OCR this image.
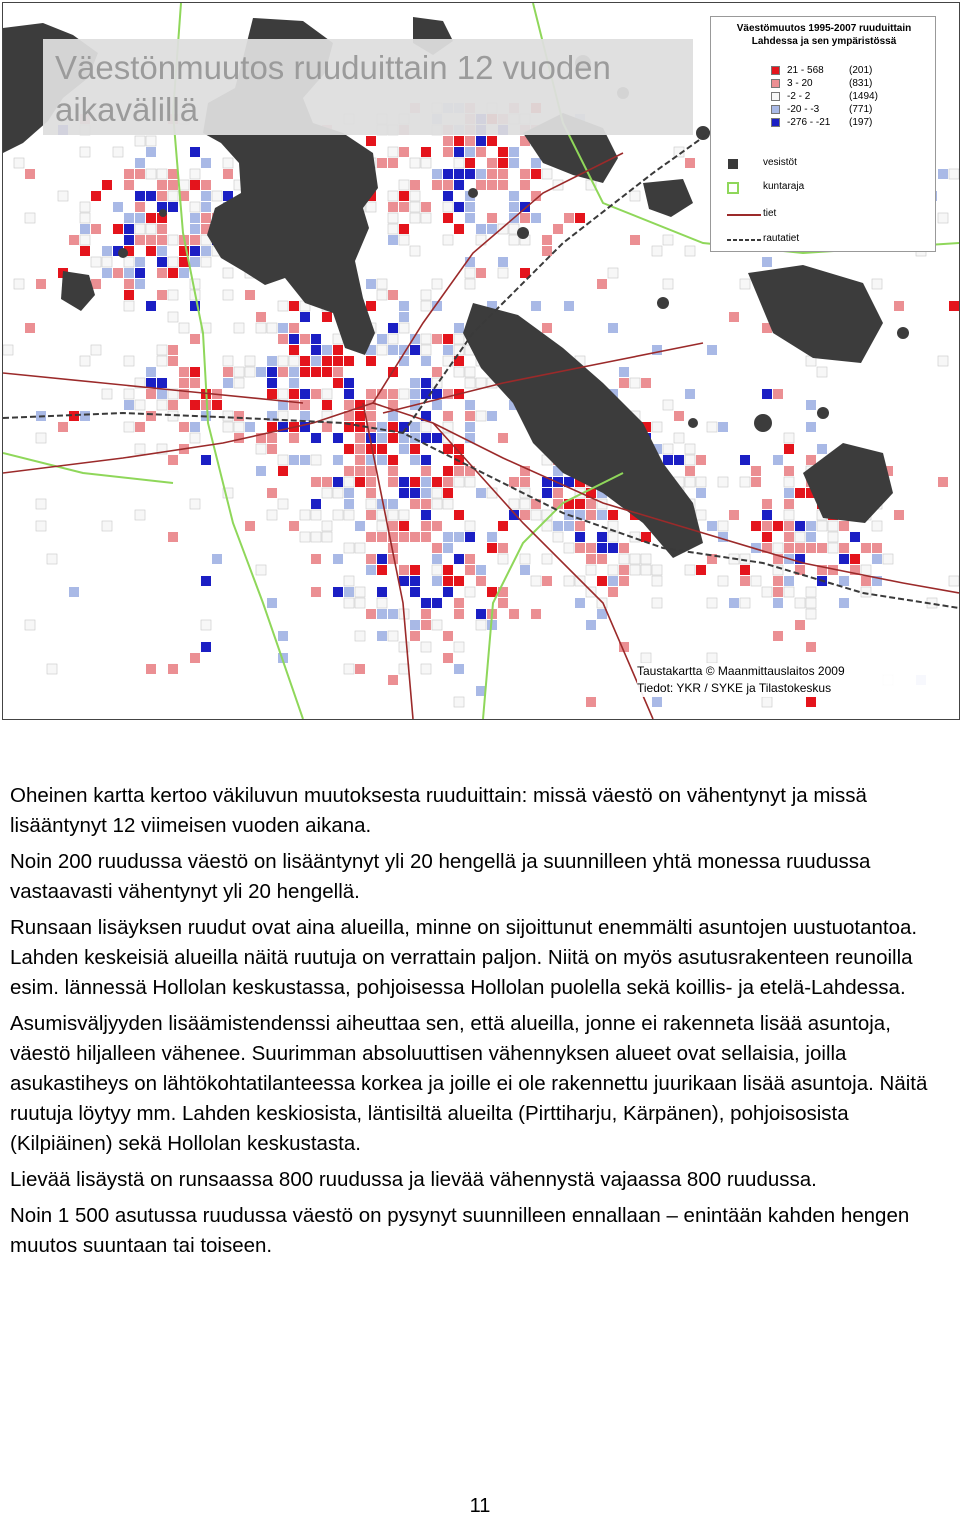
Väestönmuutos ruuduittain 12 vuoden aikavälillä
Väestömuutos 1995-2007 ruuduittain
Lahdessa ja sen ympäristössä
21 - 568	(201)
3 - 20	(831)
-2 - 2	(1494)
-20 - -3	(771)
-276 - -21	(197)
vesistöt
kuntaraja
tiet
rautatiet
Taustakartta © Maanmittauslaitos 2009
Tiedot: YKR / SYKE ja Tilastokeskus

Oheinen kartta kertoo väkiluvun muutoksesta ruuduittain: missä väestö on vähentynyt ja missä lisääntynyt 12 viimeisen vuoden aikana.

Noin 200 ruudussa väestö on lisääntynyt yli 20 hengellä ja suunnilleen yhtä monessa ruudussa vastaavasti vähentynyt yli 20 hengellä.

Runsaan lisäyksen ruudut ovat aina alueilla, minne on sijoittunut enemmälti asuntojen uustuotantoa. Lahden keskeisiä alueilla näitä ruutuja on verrattain paljon. Niitä on myös asutusrakenteen reunoilla esim. lännessä Hollolan keskustassa, pohjoisessa Hollolan puolella sekä koillis- ja etelä-Lahdessa.

Asumisväljyyden lisäämistendenssi aiheuttaa sen, että alueilla, jonne ei rakenneta lisää asuntoja, väestö hiljalleen vähenee. Suurimman absoluuttisen vähennyksen alueet ovat sellaisia, joilla asukastiheys on lähtökohtatilanteessa korkea ja joille ei ole rakennettu juurikaan lisää asuntoja. Näitä ruutuja löytyy mm. Lahden keskiosista, läntisiltä alueilta (Pirttiharju, Kärpänen), pohjoisosista (Kilpiäinen) sekä Hollolan keskustasta.

Lievää lisäystä on runsaassa 800 ruudussa ja lievää vähennystä vajaassa 800 ruudussa.

Noin 1 500 asutussa ruudussa väestö on pysynyt suunnilleen ennallaan – enintään kahden hengen muutos suuntaan tai toiseen.

11
